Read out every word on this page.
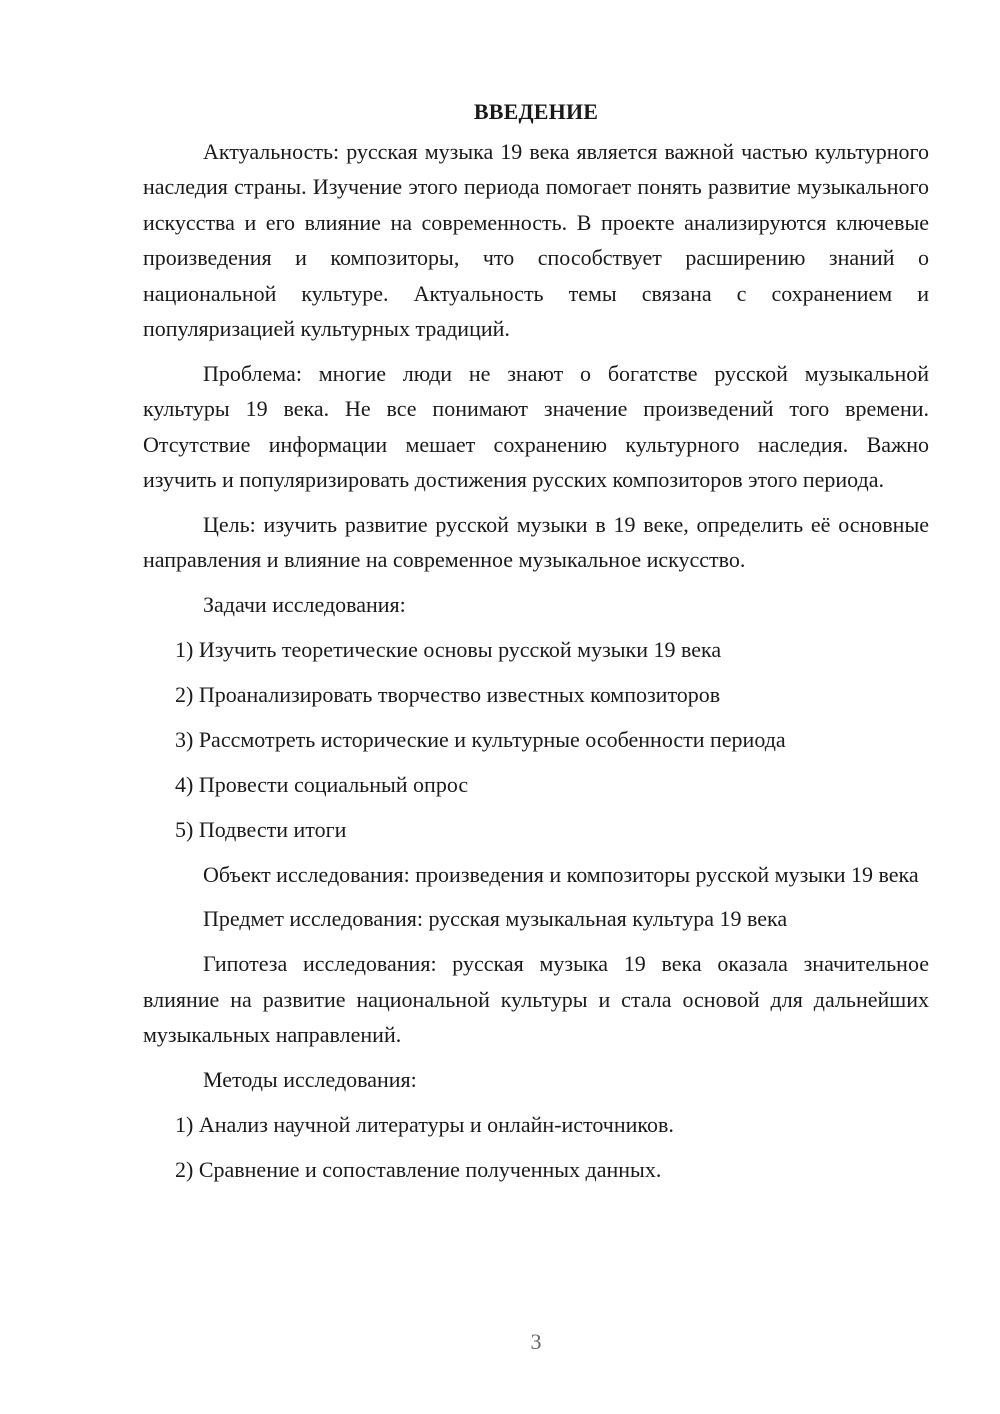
ВВЕДЕНИЕ

Актуальность: русская музыка 19 века является важной частью культурного наследия страны. Изучение этого периода помогает понять развитие музыкального искусства и его влияние на современность. В проекте анализируются ключевые произведения и композиторы, что способствует расширению знаний о национальной культуре. Актуальность темы связана с сохранением и популяризацией культурных традиций.

Проблема: многие люди не знают о богатстве русской музыкальной культуры 19 века. Не все понимают значение произведений того времени. Отсутствие информации мешает сохранению культурного наследия. Важно изучить и популяризировать достижения русских композиторов этого периода.

Цель: изучить развитие русской музыки в 19 веке, определить её основные направления и влияние на современное музыкальное искусство.

Задачи исследования:

1) Изучить теоретические основы русской музыки 19 века

2) Проанализировать творчество известных композиторов

3) Рассмотреть исторические и культурные особенности периода

4) Провести социальный опрос

5) Подвести итоги

Объект исследования: произведения и композиторы русской музыки 19 века

Предмет исследования: русская музыкальная культура 19 века

Гипотеза исследования: русская музыка 19 века оказала значительное влияние на развитие национальной культуры и стала основой для дальнейших музыкальных направлений.

Методы исследования:

1) Анализ научной литературы и онлайн-источников.

2) Сравнение и сопоставление полученных данных.

3
